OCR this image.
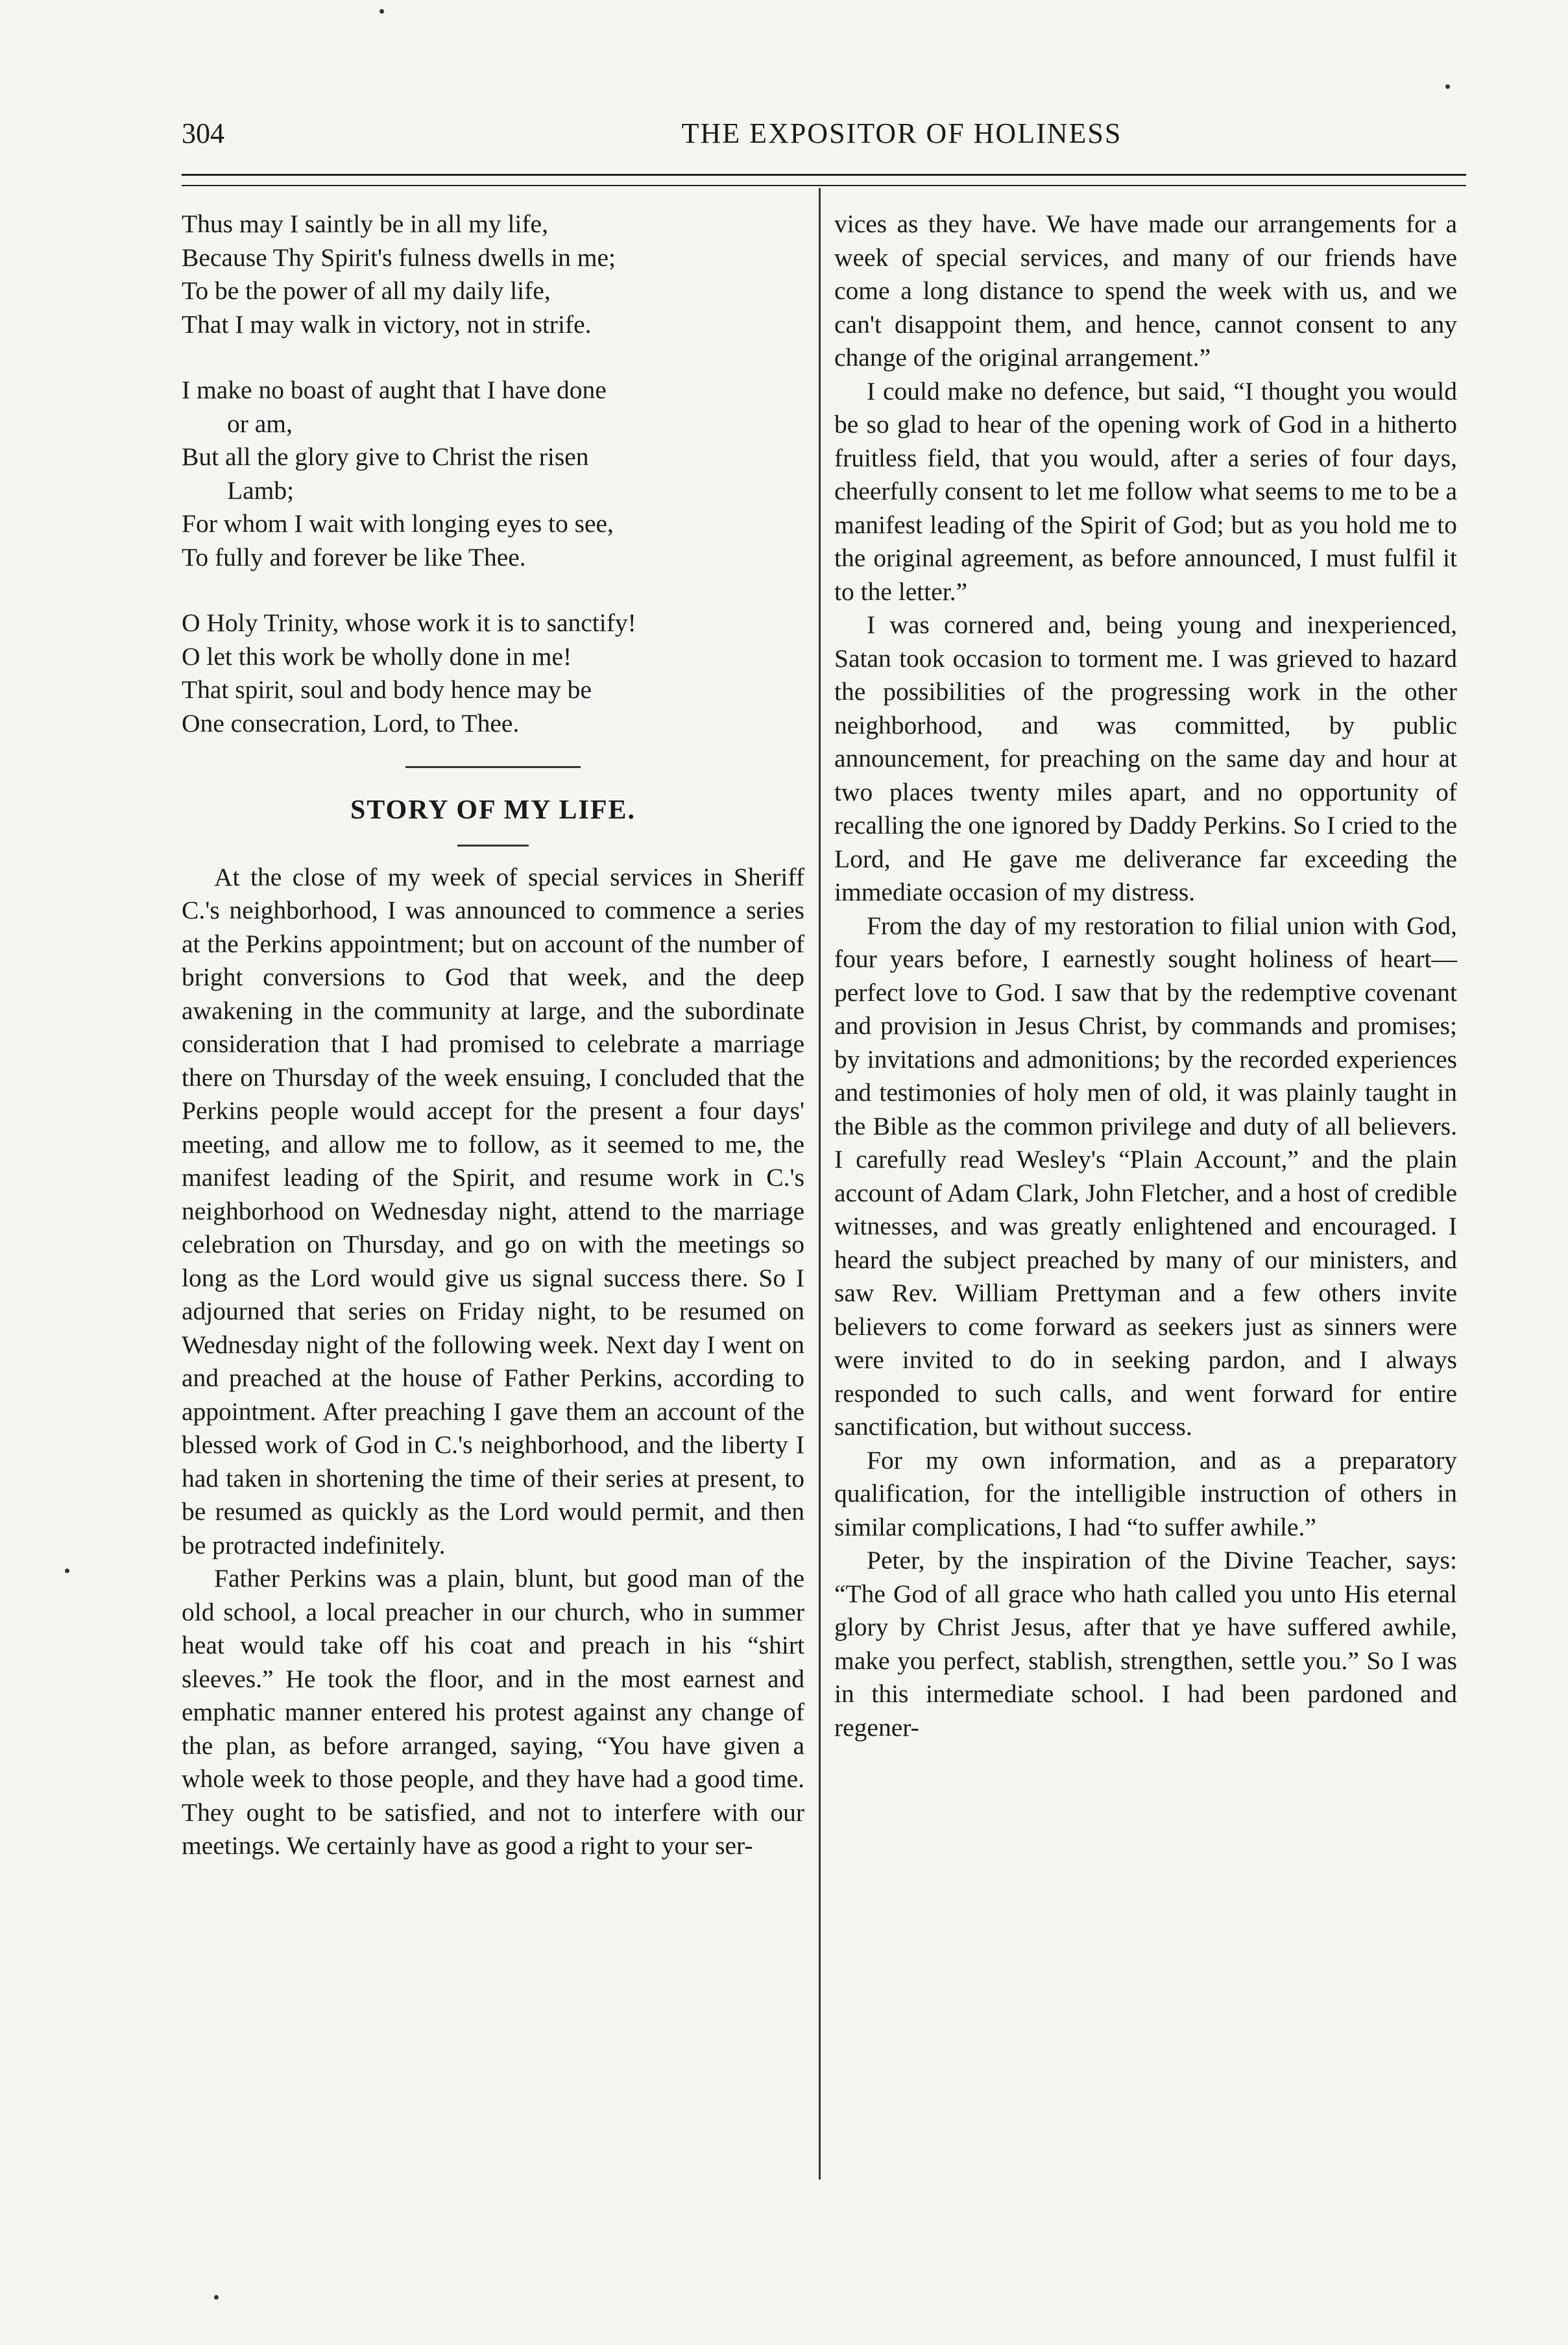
304	THE EXPOSITOR OF HOLINESS
Thus may I saintly be in all my life,
Because Thy Spirit's fulness dwells in me;
To be the power of all my daily life,
That I may walk in victory, not in strife.
I make no boast of aught that I have done
or am,
But all the glory give to Christ the risen
Lamb;
For whom I wait with longing eyes to see,
To fully and forever be like Thee.
O Holy Trinity, whose work it is to sanctify!
O let this work be wholly done in me!
That spirit, soul and body hence may be
One consecration, Lord, to Thee.
STORY OF MY LIFE.

At the close of my week of special services in Sheriff C.'s neighborhood, I was announced to commence a series at the Perkins appointment; but on account of the number of bright conversions to God that week, and the deep awakening in the community at large, and the subordinate consideration that I had promised to celebrate a marriage there on Thursday of the week ensuing, I concluded that the Perkins people would accept for the present a four days' meeting, and allow me to follow, as it seemed to me, the manifest leading of the Spirit, and resume work in C.'s neighborhood on Wednesday night, attend to the marriage celebration on Thursday, and go on with the meetings so long as the Lord would give us signal success there. So I adjourned that series on Friday night, to be resumed on Wednesday night of the following week. Next day I went on and preached at the house of Father Perkins, according to appointment. After preaching I gave them an account of the blessed work of God in C.'s neighborhood, and the liberty I had taken in shortening the time of their series at present, to be resumed as quickly as the Lord would permit, and then be protracted indefinitely.

Father Perkins was a plain, blunt, but good man of the old school, a local preacher in our church, who in summer heat would take off his coat and preach in his “shirt sleeves.” He took the floor, and in the most earnest and emphatic manner entered his protest against any change of the plan, as before arranged, saying, “You have given a whole week to those people, and they have had a good time. They ought to be satisfied, and not to interfere with our meetings. We certainly have as good a right to your ser-

vices as they have. We have made our arrangements for a week of special services, and many of our friends have come a long distance to spend the week with us, and we can't disappoint them, and hence, cannot consent to any change of the original arrangement.”

I could make no defence, but said, “I thought you would be so glad to hear of the opening work of God in a hitherto fruitless field, that you would, after a series of four days, cheerfully consent to let me follow what seems to me to be a manifest leading of the Spirit of God; but as you hold me to the original agreement, as before announced, I must fulfil it to the letter.”

I was cornered and, being young and inexperienced, Satan took occasion to torment me. I was grieved to hazard the possibilities of the progressing work in the other neighborhood, and was committed, by public announcement, for preaching on the same day and hour at two places twenty miles apart, and no opportunity of recalling the one ignored by Daddy Perkins. So I cried to the Lord, and He gave me deliverance far exceeding the immediate occasion of my distress.

From the day of my restoration to filial union with God, four years before, I earnestly sought holiness of heart—perfect love to God. I saw that by the redemptive covenant and provision in Jesus Christ, by commands and promises; by invitations and admonitions; by the recorded experiences and testimonies of holy men of old, it was plainly taught in the Bible as the common privilege and duty of all believers. I carefully read Wesley's “Plain Account,” and the plain account of Adam Clark, John Fletcher, and a host of credible witnesses, and was greatly enlightened and encouraged. I heard the subject preached by many of our ministers, and saw Rev. William Prettyman and a few others invite believers to come forward as seekers just as sinners were were invited to do in seeking pardon, and I always responded to such calls, and went forward for entire sanctification, but without success.

For my own information, and as a preparatory qualification, for the intelligible instruction of others in similar complications, I had “to suffer awhile.”

Peter, by the inspiration of the Divine Teacher, says: “The God of all grace who hath called you unto His eternal glory by Christ Jesus, after that ye have suffered awhile, make you perfect, stablish, strengthen, settle you.” So I was in this intermediate school. I had been pardoned and regener-
